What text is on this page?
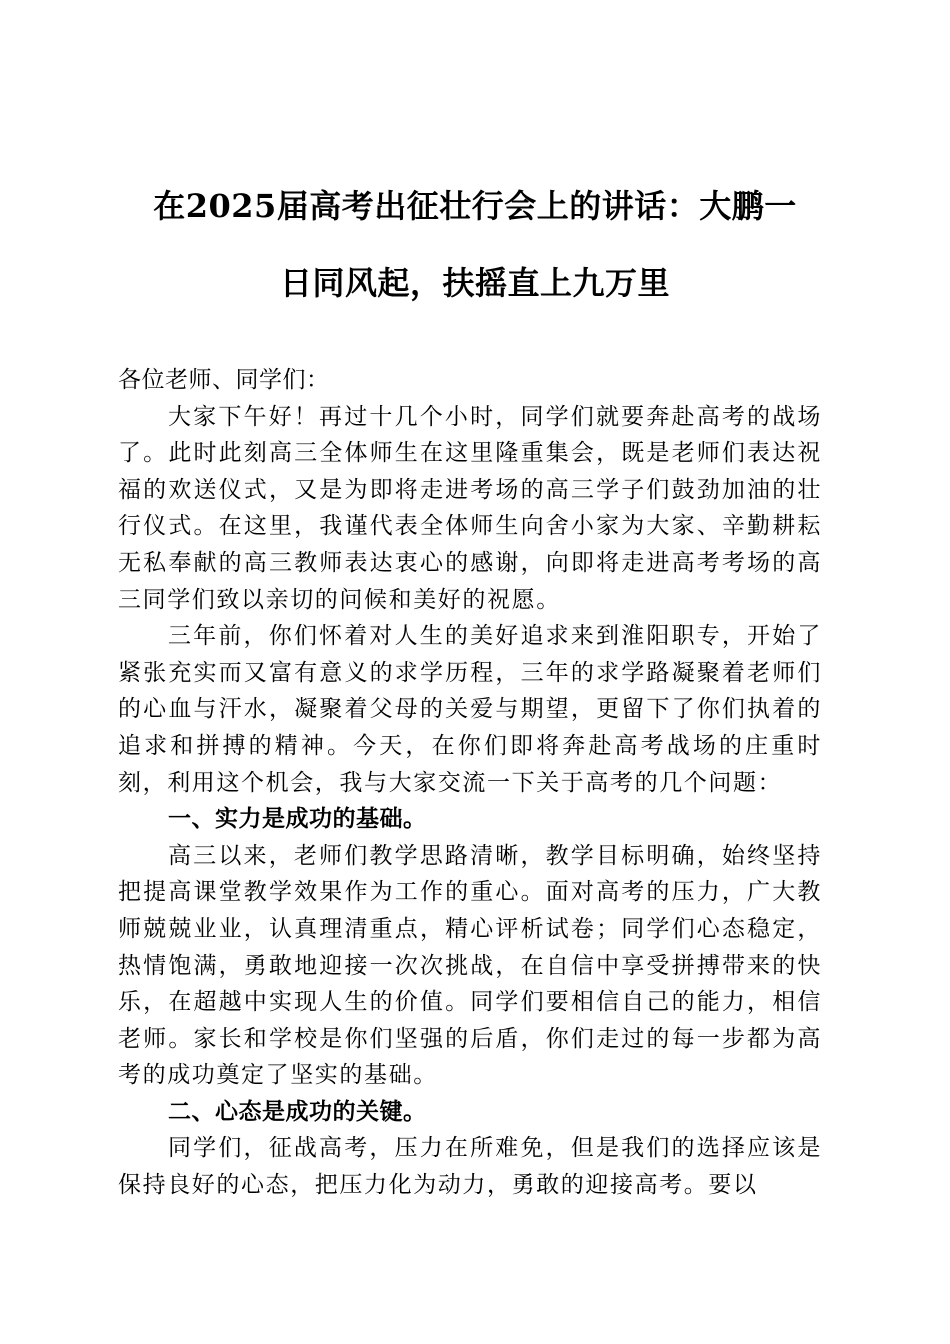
在2025届高考出征壮行会上的讲话：大鹏一
日同风起，扶摇直上九万里

各位老师、同学们：

大家下午好！再过十几个小时，同学们就要奔赴高考的战场了。此时此刻高三全体师生在这里隆重集会，既是老师们表达祝福的欢送仪式，又是为即将走进考场的高三学子们鼓劲加油的壮行仪式。在这里，我谨代表全体师生向舍小家为大家、辛勤耕耘无私奉献的高三教师表达衷心的感谢，向即将走进高考考场的高三同学们致以亲切的问候和美好的祝愿。

三年前，你们怀着对人生的美好追求来到淮阳职专，开始了紧张充实而又富有意义的求学历程，三年的求学路凝聚着老师们的心血与汗水，凝聚着父母的关爱与期望，更留下了你们执着的追求和拼搏的精神。今天，在你们即将奔赴高考战场的庄重时刻，利用这个机会，我与大家交流一下关于高考的几个问题：

一、实力是成功的基础。

高三以来，老师们教学思路清晰，教学目标明确，始终坚持把提高课堂教学效果作为工作的重心。面对高考的压力，广大教师兢兢业业，认真理清重点，精心评析试卷；同学们心态稳定，热情饱满，勇敢地迎接一次次挑战，在自信中享受拼搏带来的快乐，在超越中实现人生的价值。同学们要相信自己的能力，相信老师。家长和学校是你们坚强的后盾，你们走过的每一步都为高考的成功奠定了坚实的基础。

二、心态是成功的关键。

同学们，征战高考，压力在所难免，但是我们的选择应该是保持良好的心态，把压力化为动力，勇敢的迎接高考。要以
